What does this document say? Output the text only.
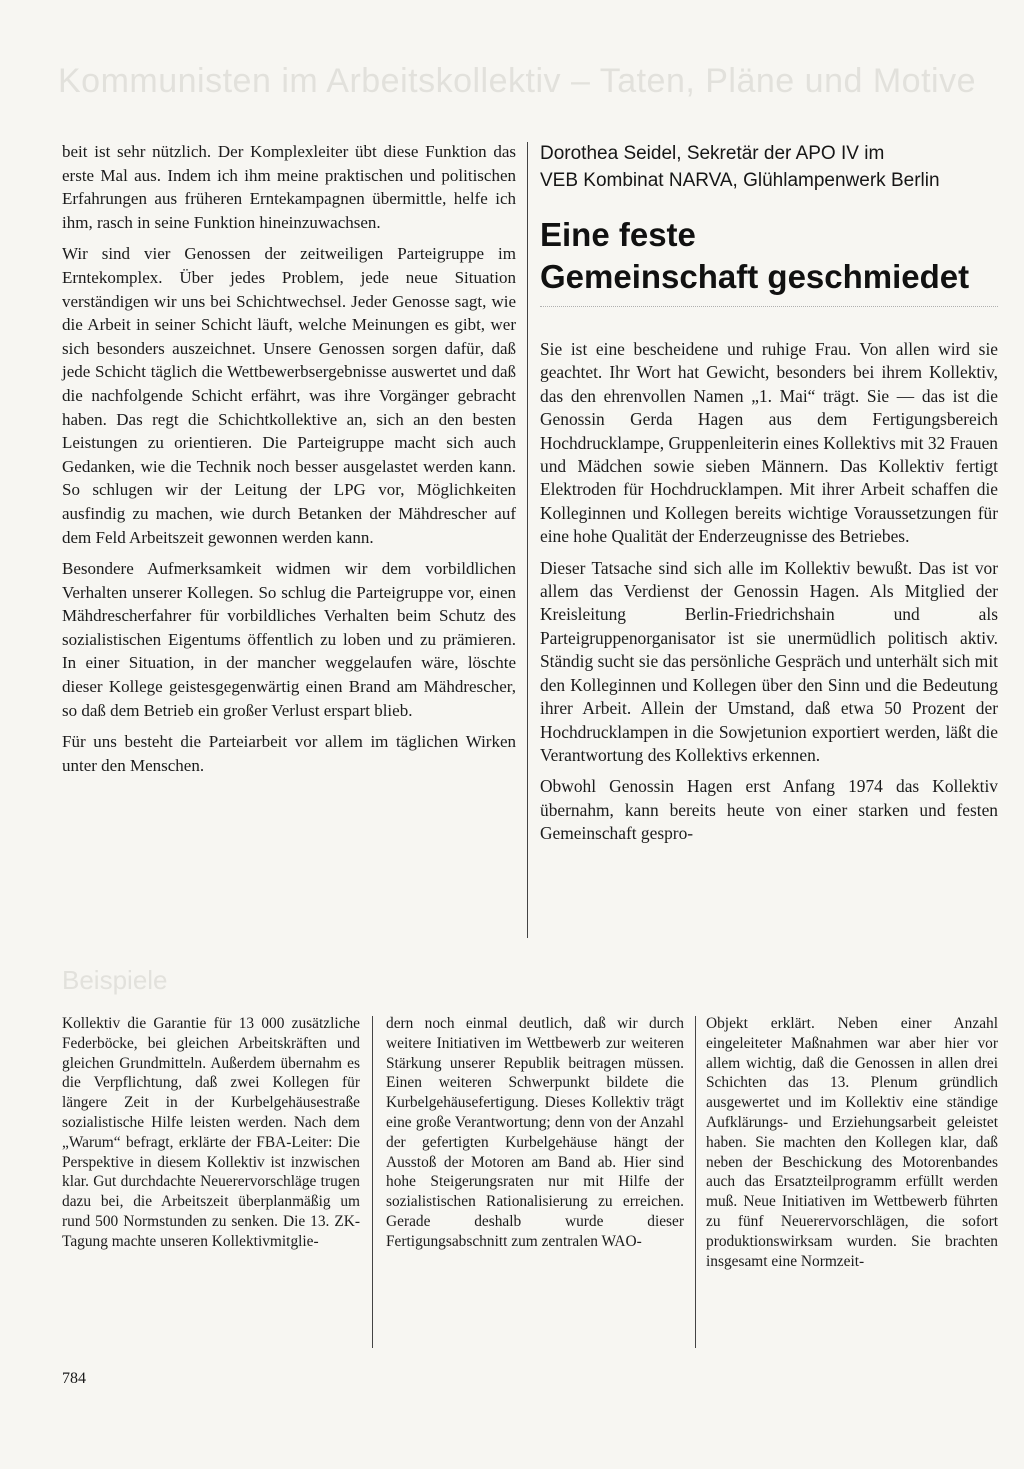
Kommunisten im Arbeitskollektiv – Taten, Pläne und Motive

beit ist sehr nützlich. Der Komplexleiter übt diese Funktion das erste Mal aus. Indem ich ihm meine praktischen und politischen Erfahrungen aus früheren Erntekampagnen übermittle, helfe ich ihm, rasch in seine Funktion hineinzuwachsen.

Wir sind vier Genossen der zeitweiligen Parteigruppe im Erntekomplex. Über jedes Problem, jede neue Situation verständigen wir uns bei Schichtwechsel. Jeder Genosse sagt, wie die Arbeit in seiner Schicht läuft, welche Meinungen es gibt, wer sich besonders auszeichnet. Unsere Genossen sorgen dafür, daß jede Schicht täglich die Wettbewerbsergebnisse auswertet und daß die nachfolgende Schicht erfährt, was ihre Vorgänger gebracht haben. Das regt die Schichtkollektive an, sich an den besten Leistungen zu orientieren. Die Parteigruppe macht sich auch Gedanken, wie die Technik noch besser ausgelastet werden kann. So schlugen wir der Leitung der LPG vor, Möglichkeiten ausfindig zu machen, wie durch Betanken der Mähdrescher auf dem Feld Arbeitszeit gewonnen werden kann.

Besondere Aufmerksamkeit widmen wir dem vorbildlichen Verhalten unserer Kollegen. So schlug die Parteigruppe vor, einen Mähdrescherfahrer für vorbildliches Verhalten beim Schutz des sozialistischen Eigentums öffentlich zu loben und zu prämieren. In einer Situation, in der mancher weggelaufen wäre, löschte dieser Kollege geistesgegenwärtig einen Brand am Mähdrescher, so daß dem Betrieb ein großer Verlust erspart blieb.

Für uns besteht die Parteiarbeit vor allem im täglichen Wirken unter den Menschen.

Dorothea Seidel, Sekretär der APO IV im
VEB Kombinat NARVA, Glühlampenwerk Berlin
Eine feste
Gemeinschaft geschmiedet

Sie ist eine bescheidene und ruhige Frau. Von allen wird sie geachtet. Ihr Wort hat Gewicht, besonders bei ihrem Kollektiv, das den ehrenvollen Namen „1. Mai“ trägt. Sie — das ist die Genossin Gerda Hagen aus dem Fertigungsbereich Hochdrucklampe, Gruppenleiterin eines Kollektivs mit 32 Frauen und Mädchen sowie sieben Männern. Das Kollektiv fertigt Elektroden für Hochdrucklampen. Mit ihrer Arbeit schaffen die Kolleginnen und Kollegen bereits wichtige Voraussetzungen für eine hohe Qualität der Enderzeugnisse des Betriebes.

Dieser Tatsache sind sich alle im Kollektiv bewußt. Das ist vor allem das Verdienst der Genossin Hagen. Als Mitglied der Kreisleitung Berlin-Friedrichshain und als Parteigruppenorganisator ist sie unermüdlich politisch aktiv. Ständig sucht sie das persönliche Gespräch und unterhält sich mit den Kolleginnen und Kollegen über den Sinn und die Bedeutung ihrer Arbeit. Allein der Umstand, daß etwa 50 Prozent der Hochdrucklampen in die Sowjetunion exportiert werden, läßt die Verantwortung des Kollektivs erkennen.

Obwohl Genossin Hagen erst Anfang 1974 das Kollektiv übernahm, kann bereits heute von einer starken und festen Gemeinschaft gespro-

Beispiele

Kollektiv die Garantie für 13 000 zusätzliche Federböcke, bei gleichen Arbeitskräften und gleichen Grundmitteln. Außerdem übernahm es die Verpflichtung, daß zwei Kollegen für längere Zeit in der Kurbelgehäusestraße sozialistische Hilfe leisten werden. Nach dem „Warum“ befragt, erklärte der FBA-Leiter: Die Perspektive in diesem Kollektiv ist inzwischen klar. Gut durchdachte Neuerervorschläge trugen dazu bei, die Arbeitszeit überplanmäßig um rund 500 Normstunden zu senken. Die 13. ZK-Tagung machte unseren Kollektivmitglie-

dern noch einmal deutlich, daß wir durch weitere Initiativen im Wettbewerb zur weiteren Stärkung unserer Republik beitragen müssen. Einen weiteren Schwerpunkt bildete die Kurbelgehäusefertigung. Dieses Kollektiv trägt eine große Verantwortung; denn von der Anzahl der gefertigten Kurbelgehäuse hängt der Ausstoß der Motoren am Band ab. Hier sind hohe Steigerungsraten nur mit Hilfe der sozialistischen Rationalisierung zu erreichen. Gerade deshalb wurde dieser Fertigungsabschnitt zum zentralen WAO-

Objekt erklärt. Neben einer Anzahl eingeleiteter Maßnahmen war aber hier vor allem wichtig, daß die Genossen in allen drei Schichten das 13. Plenum gründlich ausgewertet und im Kollektiv eine ständige Aufklärungs- und Erziehungsarbeit geleistet haben. Sie machten den Kollegen klar, daß neben der Beschickung des Motorenbandes auch das Ersatzteilprogramm erfüllt werden muß. Neue Initiativen im Wettbewerb führten zu fünf Neuerervorschlägen, die sofort produktionswirksam wurden. Sie brachten insgesamt eine Normzeit-

784
